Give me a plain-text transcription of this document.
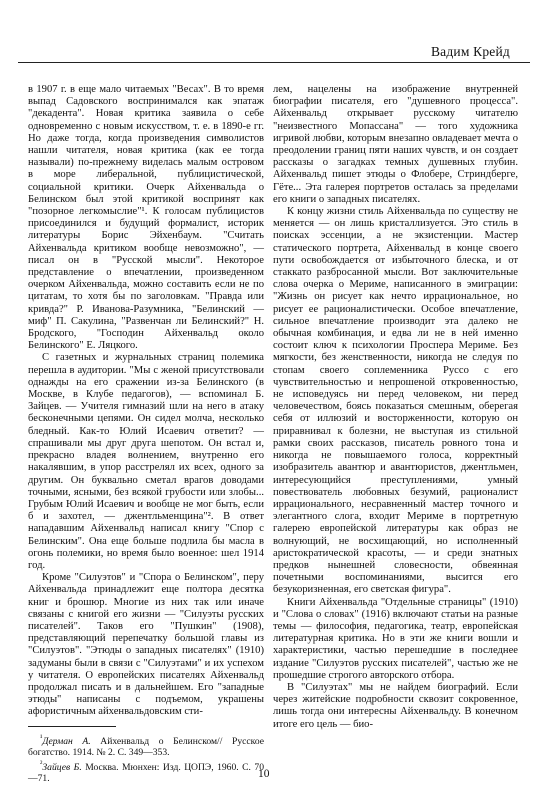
Вадим Крейд

в 1907 г. в еще мало читаемых "Весах". В то время выпад Садовского воспринимался как эпатаж "декадента". Новая критика заявила о себе одновременно с новым искусством, т. е. в 1890-е гг. Но даже тогда, когда произведения символистов нашли читателя, новая критика (как ее тогда называли) по-прежнему виделась малым островом в море либеральной, публицистической, социальной критики. Очерк Айхенвальда о Белинском был этой критикой воспринят как "позорное легкомыслие"¹. К голосам публицистов присоединился и будущий формалист, историк литературы Борис Эйхенбаум. "Считать Айхенвальда критиком вообще невозможно", — писал он в "Русской мысли". Некоторое представление о впечатлении, произведенном очерком Айхенвальда, можно составить если не по цитатам, то хотя бы по заголовкам. "Правда или кривда?" Р. Иванова-Разумника, "Белинский — миф" П. Сакулина, "Развенчан ли Белинский?" Н. Бродского, "Господин Айхенвальд около Белинского" Е. Ляцкого.

С газетных и журнальных страниц полемика перешла в аудитории. "Мы с женой присутствовали однажды на его сражении из-за Белинского (в Москве, в Клубе педагогов), — вспоминал Б. Зайцев. — Учителя гимназий шли на него в атаку бесконечными цепями. Он сидел молча, несколько бледный. Как-то Юлий Исаевич ответит? — спрашивали мы друг друга шепотом. Он встал и, прекрасно владея волнением, внутренно его накалявшим, в упор расстрелял их всех, одного за другим. Он буквально сметал врагов доводами точными, ясными, без всякой грубости или злобы... Грубым Юлий Исаевич и вообще не мог быть, если б и захотел, — джентльменщина"². В ответ нападавшим Айхенвальд написал книгу "Спор с Белинским". Она еще больше подлила бы масла в огонь полемики, но время было военное: шел 1914 год.

Кроме "Силуэтов" и "Спора о Белинском", перу Айхенвальда принадлежит еще полтора десятка книг и брошюр. Многие из них так или иначе связаны с книгой его жизни — "Силуэты русских писателей". Таков его "Пушкин" (1908), представляющий перепечатку большой главы из "Силуэтов". "Этюды о западных писателях" (1910) задуманы были в связи с "Силуэтами" и их успехом у читателя. О европейских писателях Айхенвальд продолжал писать и в дальнейшем. Его "западные этюды" написаны с подъемом, украшены афористичным айхенвальдовским сти-

$^{^1}$Дерман А. Айхенвальд о Белинском// Русское богатство. 1914. № 2. С. 349—353.

$^{^2}$Зайцев Б. Москва. Мюнхен: Изд. ЦОПЭ, 1960. С. 70—71.

лем, нацелены на изображение внутренней биографии писателя, его "душевного процесса". Айхенвальд открывает русскому читателю "неизвестного Мопассана" — того художника игривой любви, которым внезапно овладевает мечта о преодолении границ пяти наших чувств, и он создает рассказы о загадках темных душевных глубин. Айхенвальд пишет этюды о Флобере, Стриндберге, Гёте... Эта галерея портретов осталась за пределами его книги о западных писателях.

К концу жизни стиль Айхенвальда по существу не меняется — он лишь кристаллизуется. Это стиль в поисках эссенции, а не экзистенции. Мастер статического портрета, Айхенвальд в конце своего пути освобождается от избыточного блеска, и от стаккато разбросанной мысли. Вот заключительные слова очерка о Мериме, написанного в эмиграции: "Жизнь он рисует как нечто иррациональное, но рисует ее рационалистически. Особое впечатление, сильное впечатление производит эта далеко не обычная комбинация, и едва ли не в ней именно состоит ключ к психологии Проспера Мериме. Без мягкости, без женственности, никогда не следуя по стопам своего соплеменника Руссо с его чувствительностью и непрошеной откровенностью, не исповедуясь ни перед человеком, ни перед человечеством, боясь показаться смешным, оберегая себя от иллюзий и восторженности, которую он приравнивал к болезни, не выступая из стильной рамки своих рассказов, писатель ровного тона и никогда не повышаемого голоса, корректный изобразитель авантюр и авантюристов, джентльмен, интересующийся преступлениями, умный повествователь любовных безумий, рационалист иррационального, несравненный мастер точного и элегантного слога, входит Мериме в портретную галерею европейской литературы как образ не волнующий, не восхищающий, но исполненный аристократической красоты, — и среди знатных предков нынешней словесности, обвеянная почетными воспоминаниями, высится его безукоризненная, его светская фигура".

Книги Айхенвальда "Отдельные страницы" (1910) и "Слова о словах" (1916) включают статьи на разные темы — философия, педагогика, театр, европейская литературная критика. Но в эти же книги вошли и характеристики, частью перешедшие в последнее издание "Силуэтов русских писателей", частью же не прошедшие строгого авторского отбора.

В "Силуэтах" мы не найдем биографий. Если через житейские подробности сквозит сокровенное, лишь тогда они интересны Айхенвальду. В конечном итоге его цель — био-

10
